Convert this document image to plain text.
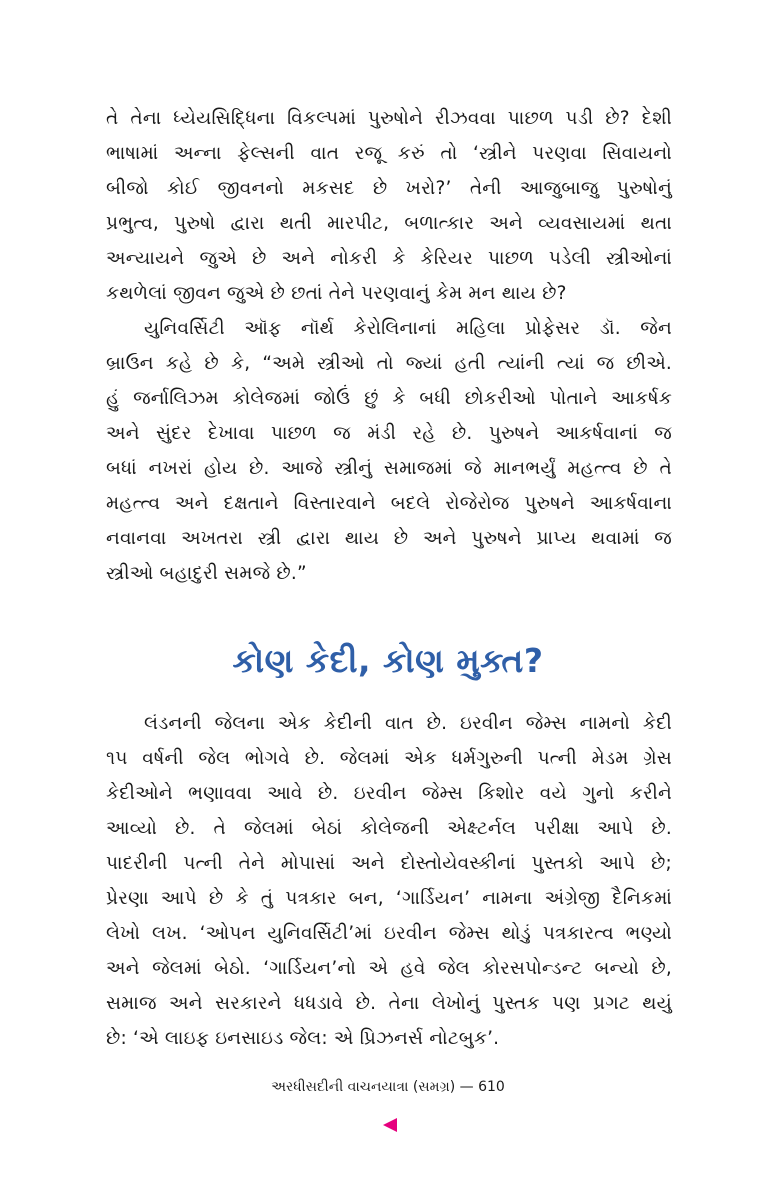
તે તેના ધ્યેયસિદ્ધિના વિકલ્પમાં પુરુષોને રીઝવવા પાછળ પડી છે? દેશી
ભાષામાં અન્ના ફેલ્સની વાત રજૂ કરું તો ‘સ્ત્રીને પરણવા સિવાયનો
બીજો કોઈ જીવનનો મકસદ છે ખરો?’ તેની આજુબાજુ પુરુષોનું
પ્રભુત્વ, પુરુષો દ્વારા થતી મારપીટ, બળાત્કાર અને વ્યવસાયમાં થતા
અન્યાયને જુએ છે અને નોકરી કે કેરિયર પાછળ પડેલી સ્ત્રીઓનાં
કથળેલાં જીવન જુએ છે છતાં તેને પરણવાનું કેમ મન થાય છે?
યુનિવર્સિટી ઑફ નૉર્થ કેરોલિનાનાં મહિલા પ્રોફેસર ડૉ. જેન
બ્રાઉન કહે છે કે, “અમે સ્ત્રીઓ તો જ્યાં હતી ત્યાંની ત્યાં જ છીએ.
હું જર્નાલિઝમ કોલેજમાં જોઉં છું કે બધી છોકરીઓ પોતાને આકર્ષક
અને સુંદર દેખાવા પાછળ જ મંડી રહે છે. પુરુષને આકર્ષવાનાં જ
બધાં નખરાં હોય છે. આજે સ્ત્રીનું સમાજમાં જે માનભર્યું મહત્ત્વ છે તે
મહત્ત્વ અને દક્ષતાને વિસ્તારવાને બદલે રોજેરોજ પુરુષને આકર્ષવાના
નવાનવા અખતરા સ્ત્રી દ્વારા થાય છે અને પુરુષને પ્રાપ્ય થવામાં જ
સ્ત્રીઓ બહાદુરી સમજે છે.”
કોણ કેદી, કોણ મુક્ત?
લંડનની જેલના એક કેદીની વાત છે. ઇરવીન જેમ્સ નામનો કેદી
૧૫ વર્ષની જેલ ભોગવે છે. જેલમાં એક ધર્મગુરુની પત્ની મેડમ ગ્રેસ
કેદીઓને ભણાવવા આવે છે. ઇરવીન જેમ્સ કિશોર વયે ગુનો કરીને
આવ્યો છે. તે જેલમાં બેઠાં કોલેજની એક્ષ્ટર્નલ પરીક્ષા આપે છે.
પાદરીની પત્ની તેને મોપાસાં અને દોસ્તોયેવસ્કીનાં પુસ્તકો આપે છે;
પ્રેરણા આપે છે કે તું પત્રકાર બન, ‘ગાર્ડિયન’ નામના અંગ્રેજી દૈનિકમાં
લેખો લખ. ‘ઓપન યુનિવર્સિટી’માં ઇરવીન જેમ્સ થોડું પત્રકારત્વ ભણ્યો
અને જેલમાં બેઠો. ‘ગાર્ડિયન’નો એ હવે જેલ કોરસપોન્ડન્ટ બન્યો છે,
સમાજ અને સરકારને ધધડાવે છે. તેના લેખોનું પુસ્તક પણ પ્રગટ થયું
છે: ‘એ લાઇફ ઇનસાઇડ જેલ: એ પ્રિઝનર્સ નોટબુક’.
અરધીસદીની વાચનયાત્રા (સમગ્ર) — 610
